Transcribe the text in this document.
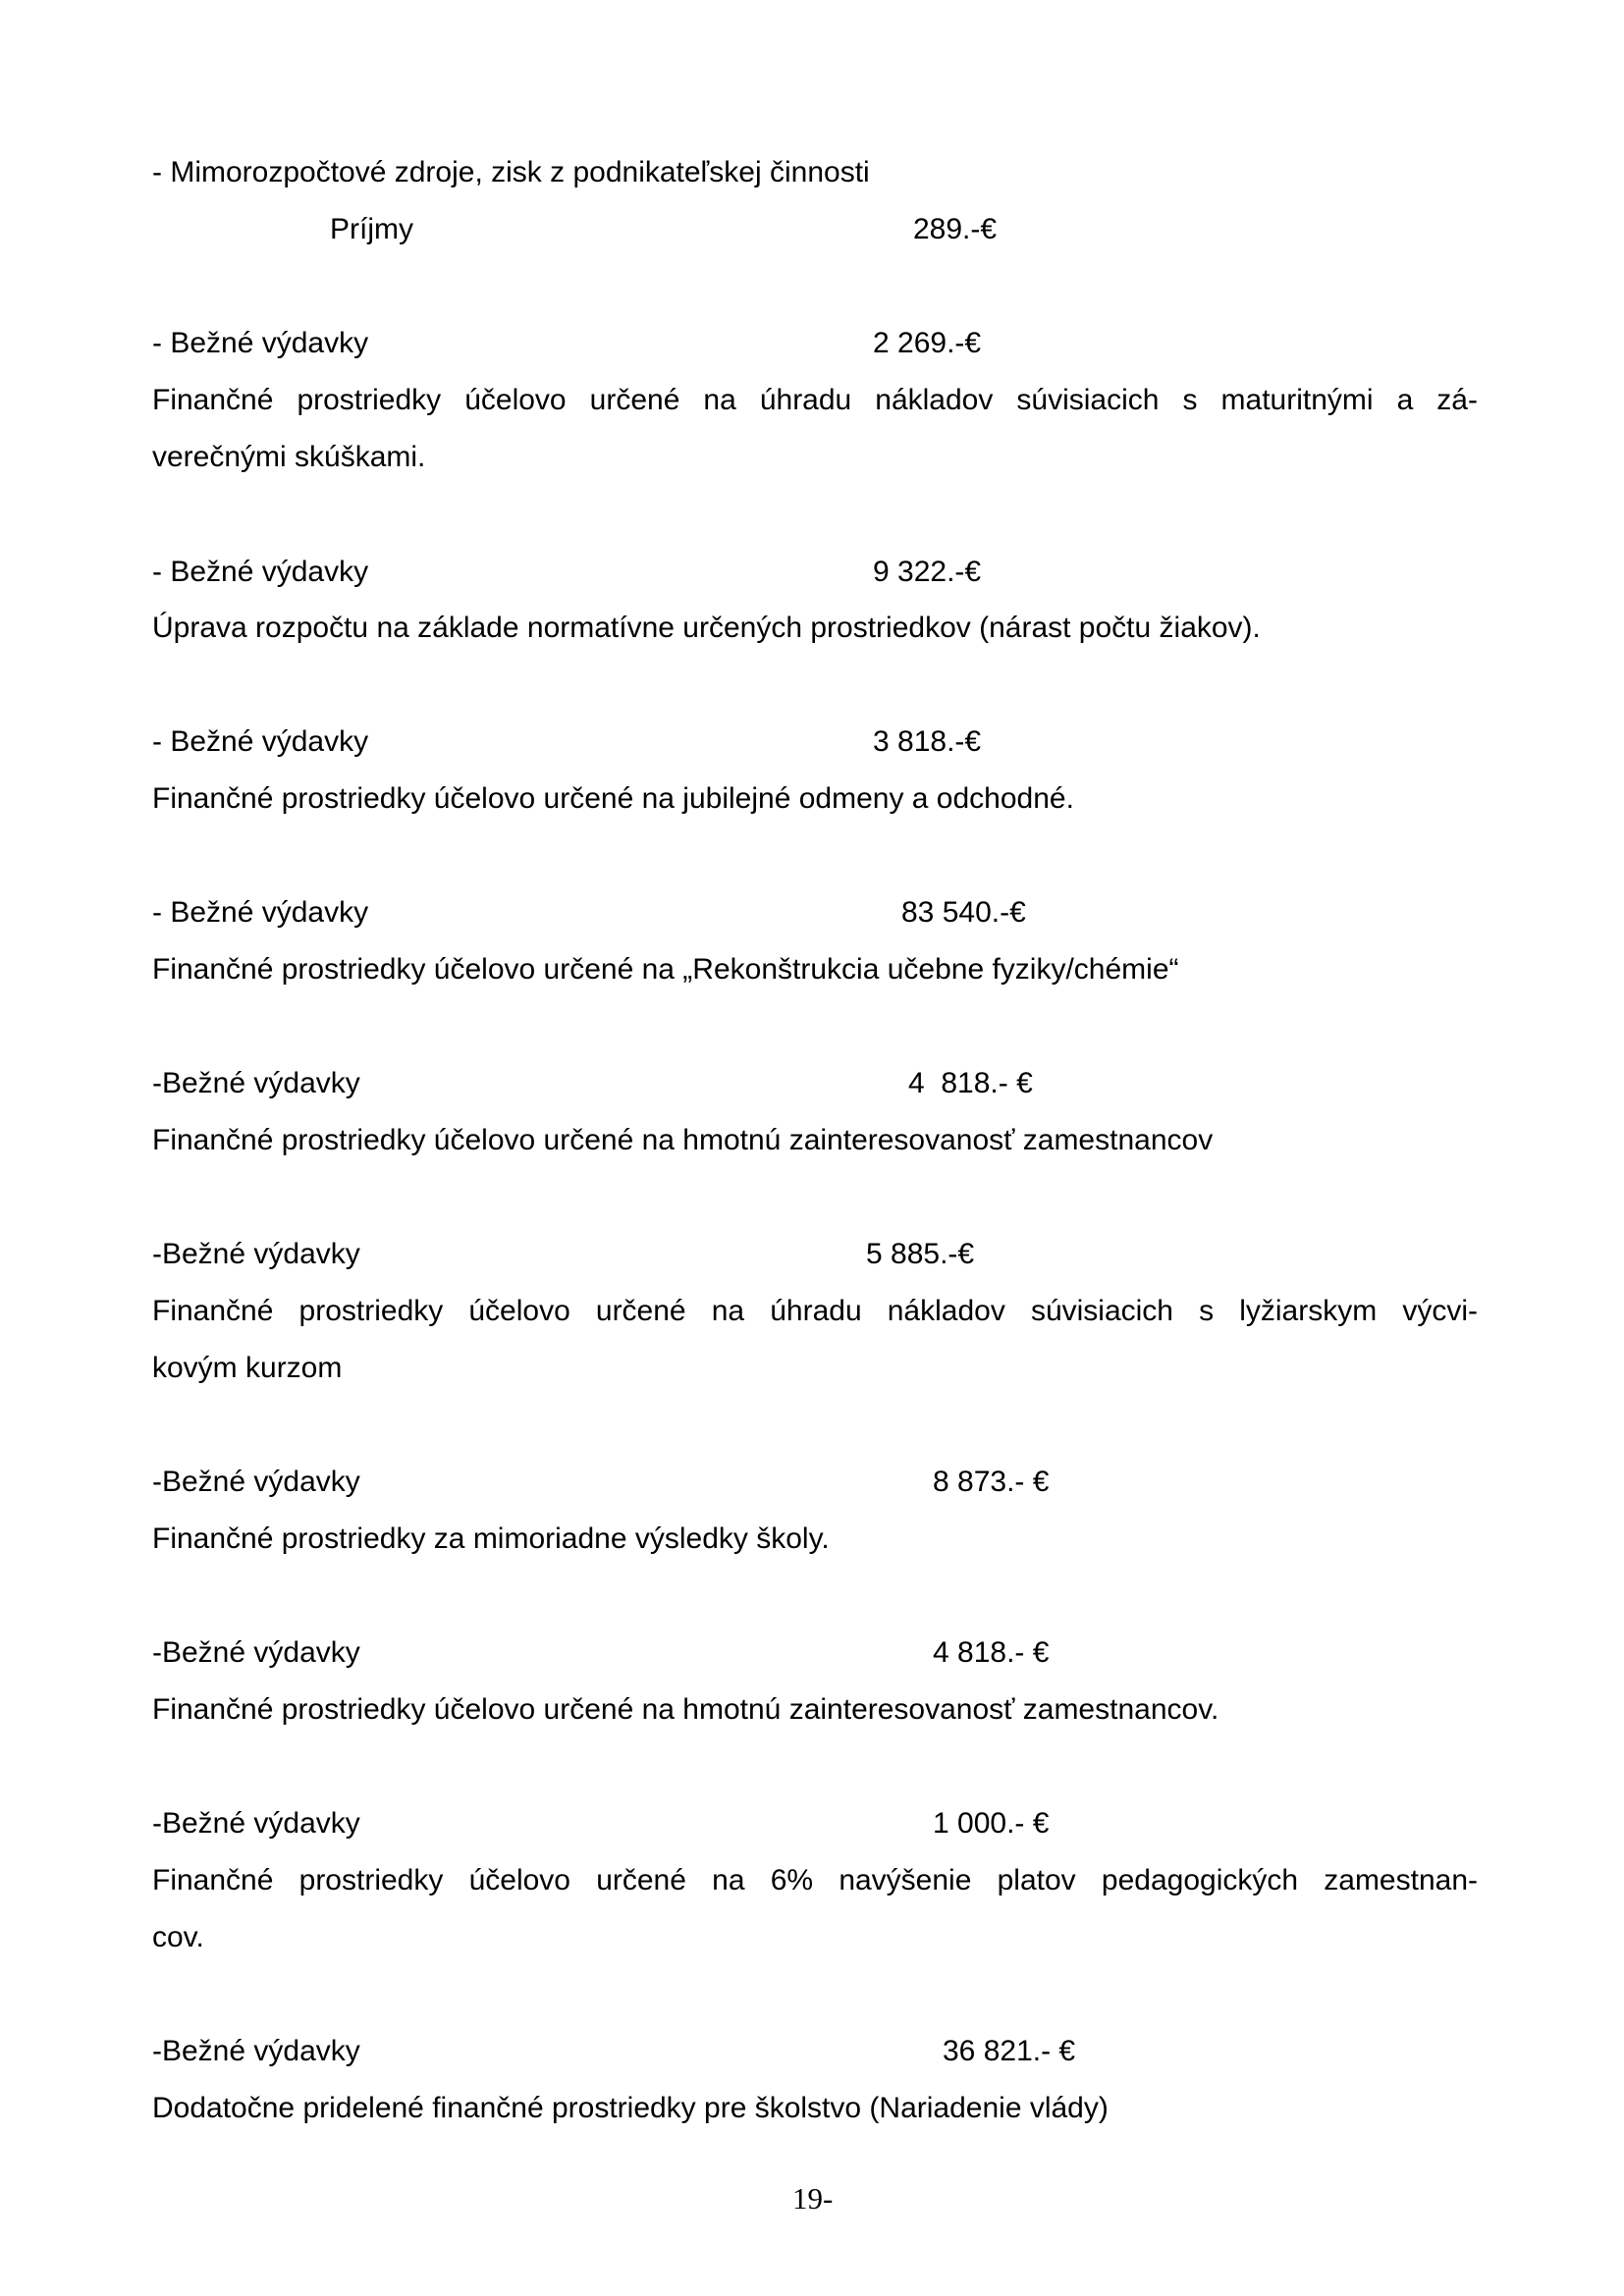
- Mimorozpočtové zdroje, zisk z podnikateľskej činnosti
Príjmy	289.-€
- Bežné výdavky	2 269.-€
Finančné prostriedky účelovo určené na úhradu nákladov súvisiacich s maturitnými a zá-
verečnými skúškami.
- Bežné výdavky	9 322.-€
Úprava rozpočtu na základe normatívne určených prostriedkov (nárast počtu žiakov).
- Bežné výdavky	3 818.-€
Finančné prostriedky účelovo určené na jubilejné odmeny a odchodné.
- Bežné výdavky	83 540.-€
Finančné prostriedky účelovo určené na „Rekonštrukcia učebne fyziky/chémie“
-Bežné výdavky	4  818.- €
Finančné prostriedky účelovo určené na hmotnú zainteresovanosť zamestnancov
-Bežné výdavky	5 885.-€
Finančné prostriedky účelovo určené na úhradu nákladov súvisiacich s lyžiarskym výcvi-
kovým kurzom
-Bežné výdavky	8 873.- €
Finančné prostriedky za mimoriadne výsledky školy.
-Bežné výdavky	4 818.- €
Finančné prostriedky účelovo určené na hmotnú zainteresovanosť zamestnancov.
-Bežné výdavky	1 000.- €
Finančné prostriedky účelovo určené na 6% navýšenie platov pedagogických zamestnan-
cov.
-Bežné výdavky	36 821.- €
Dodatočne pridelené finančné prostriedky pre školstvo (Nariadenie vlády)
19-
